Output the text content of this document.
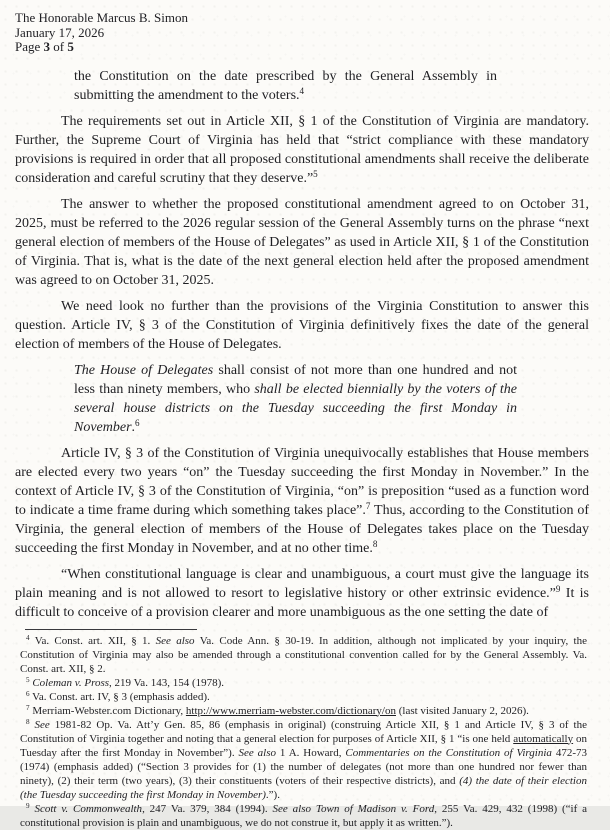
The Honorable Marcus B. Simon
January 17, 2026
Page 3 of 5
the Constitution on the date prescribed by the General Assembly in submitting the amendment to the voters.$^4$

The requirements set out in Article XII, § 1 of the Constitution of Virginia are mandatory. Further, the Supreme Court of Virginia has held that “strict compliance with these mandatory provisions is required in order that all proposed constitutional amendments shall receive the deliberate consideration and careful scrutiny that they deserve.”$^5$

The answer to whether the proposed constitutional amendment agreed to on October 31, 2025, must be referred to the 2026 regular session of the General Assembly turns on the phrase “next general election of members of the House of Delegates” as used in Article XII, § 1 of the Constitution of Virginia. That is, what is the date of the next general election held after the proposed amendment was agreed to on October 31, 2025.

We need look no further than the provisions of the Virginia Constitution to answer this question. Article IV, § 3 of the Constitution of Virginia definitively fixes the date of the general election of members of the House of Delegates.

The House of Delegates shall consist of not more than one hundred and not less than ninety members, who shall be elected biennially by the voters of the several house districts on the Tuesday succeeding the first Monday in November.$^6$

Article IV, § 3 of the Constitution of Virginia unequivocally establishes that House members are elected every two years “on” the Tuesday succeeding the first Monday in November.” In the context of Article IV, § 3 of the Constitution of Virginia, “on” is preposition “used as a function word to indicate a time frame during which something takes place”.$^7$ Thus, according to the Constitution of Virginia, the general election of members of the House of Delegates takes place on the Tuesday succeeding the first Monday in November, and at no other time.$^8$

“When constitutional language is clear and unambiguous, a court must give the language its plain meaning and is not allowed to resort to legislative history or other extrinsic evidence.”$^9$ It is difficult to conceive of a provision clearer and more unambiguous as the one setting the date of

$^4$ Va. Const. art. XII, § 1. See also Va. Code Ann. § 30-19. In addition, although not implicated by your inquiry, the Constitution of Virginia may also be amended through a constitutional convention called for by the General Assembly. Va. Const. art. XII, § 2.
$^5$ Coleman v. Pross, 219 Va. 143, 154 (1978).
$^6$ Va. Const. art. IV, § 3 (emphasis added).
$^7$ Merriam-Webster.com Dictionary, http://www.merriam-webster.com/dictionary/on (last visited January 2, 2026).
$^8$ See 1981-82 Op. Va. Att’y Gen. 85, 86 (emphasis in original) (construing Article XII, § 1 and Article IV, § 3 of the Constitution of Virginia together and noting that a general election for purposes of Article XII, § 1 “is one held automatically on Tuesday after the first Monday in November”). See also 1 A. Howard, Commentaries on the Constitution of Virginia 472-73 (1974) (emphasis added) (“Section 3 provides for (1) the number of delegates (not more than one hundred nor fewer than ninety), (2) their term (two years), (3) their constituents (voters of their respective districts), and (4) the date of their election (the Tuesday succeeding the first Monday in November).”).
$^9$ Scott v. Commonwealth, 247 Va. 379, 384 (1994). See also Town of Madison v. Ford, 255 Va. 429, 432 (1998) (“if a constitutional provision is plain and unambiguous, we do not construe it, but apply it as written.”).
